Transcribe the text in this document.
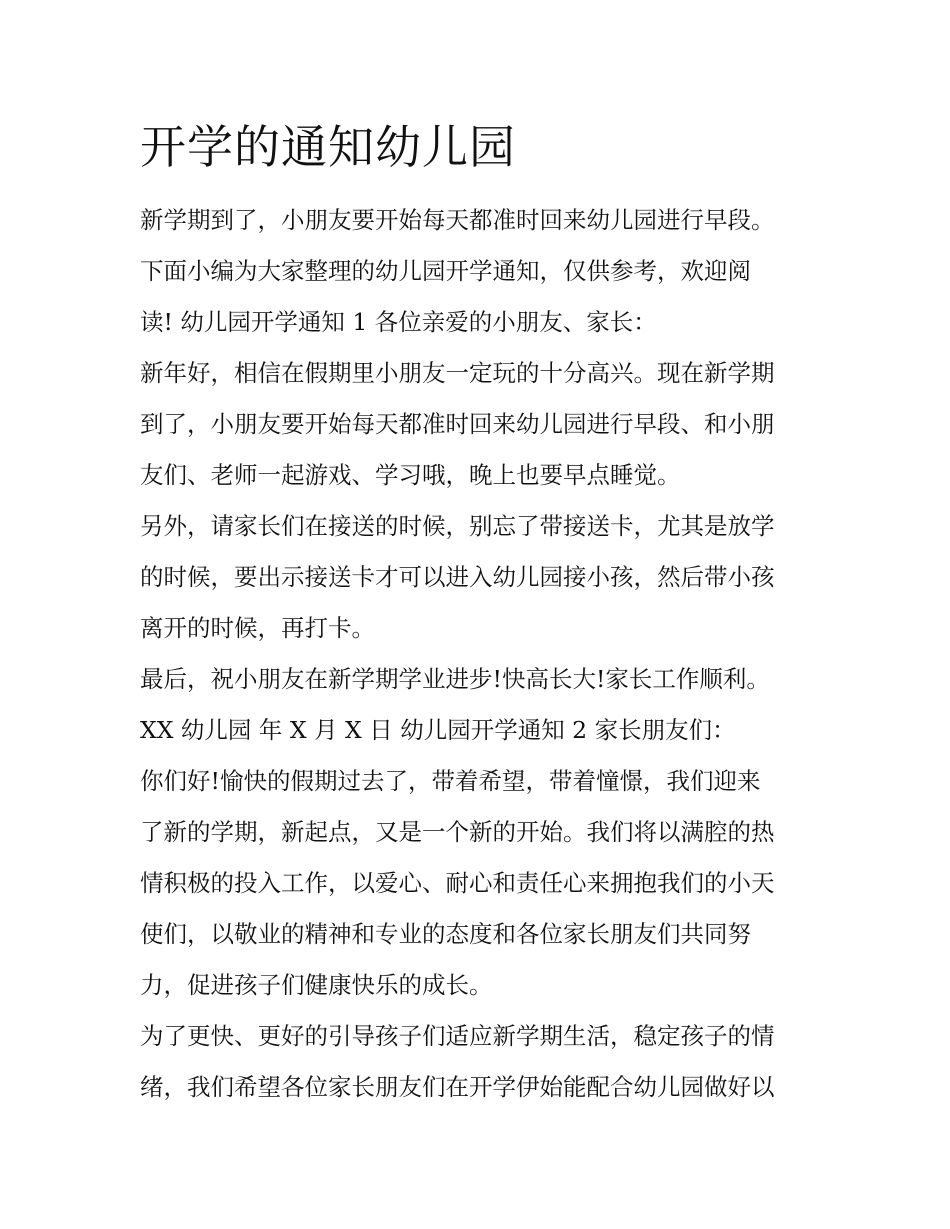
开学的通知幼儿园
新学期到了，小朋友要开始每天都准时回来幼儿园进行早段。
下面小编为大家整理的幼儿园开学通知，仅供参考，欢迎阅
读! 幼儿园开学通知 1 各位亲爱的小朋友、家长：
新年好，相信在假期里小朋友一定玩的十分高兴。现在新学期
到了，小朋友要开始每天都准时回来幼儿园进行早段、和小朋
友们、老师一起游戏、学习哦，晚上也要早点睡觉。
另外，请家长们在接送的时候，别忘了带接送卡，尤其是放学
的时候，要出示接送卡才可以进入幼儿园接小孩，然后带小孩
离开的时候，再打卡。
最后，祝小朋友在新学期学业进步!快高长大!家长工作顺利。
XX 幼儿园 年 X 月 X 日 幼儿园开学通知 2 家长朋友们：
你们好!愉快的假期过去了，带着希望，带着憧憬，我们迎来
了新的学期，新起点，又是一个新的开始。我们将以满腔的热
情积极的投入工作，以爱心、耐心和责任心来拥抱我们的小天
使们，以敬业的精神和专业的态度和各位家长朋友们共同努
力，促进孩子们健康快乐的成长。
为了更快、更好的引导孩子们适应新学期生活，稳定孩子的情
绪，我们希望各位家长朋友们在开学伊始能配合幼儿园做好以
